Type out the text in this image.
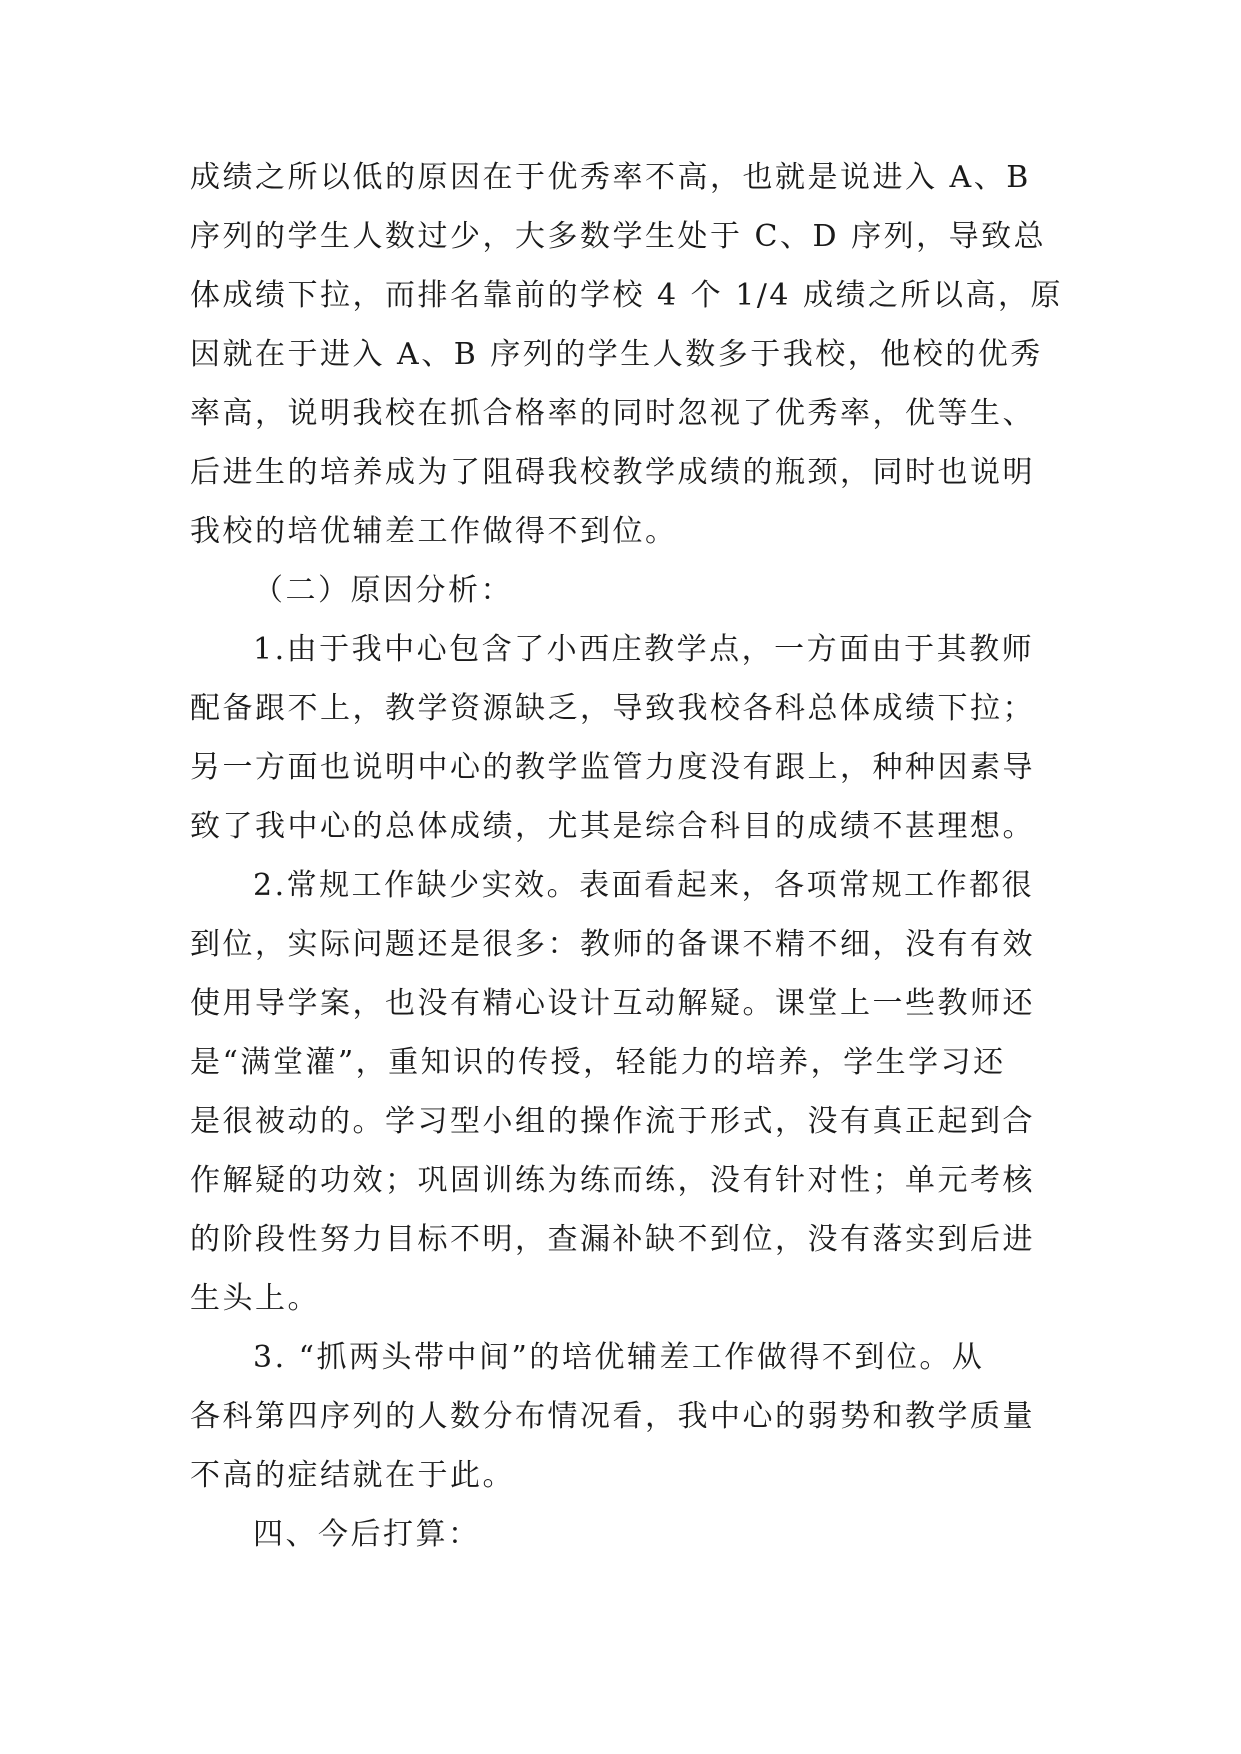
成绩之所以低的原因在于优秀率不高，也就是说进入 A、B
序列的学生人数过少，大多数学生处于 C、D 序列，导致总
体成绩下拉，而排名靠前的学校 4 个 1/4 成绩之所以高，原
因就在于进入 A、B 序列的学生人数多于我校，他校的优秀
率高，说明我校在抓合格率的同时忽视了优秀率，优等生、
后进生的培养成为了阻碍我校教学成绩的瓶颈，同时也说明
我校的培优辅差工作做得不到位。
（二）原因分析：
1.由于我中心包含了小西庄教学点，一方面由于其教师
配备跟不上，教学资源缺乏，导致我校各科总体成绩下拉；
另一方面也说明中心的教学监管力度没有跟上，种种因素导
致了我中心的总体成绩，尤其是综合科目的成绩不甚理想。
2.常规工作缺少实效。表面看起来，各项常规工作都很
到位，实际问题还是很多：教师的备课不精不细，没有有效
使用导学案，也没有精心设计互动解疑。课堂上一些教师还
是“满堂灌”，重知识的传授，轻能力的培养，学生学习还
是很被动的。学习型小组的操作流于形式，没有真正起到合
作解疑的功效；巩固训练为练而练，没有针对性；单元考核
的阶段性努力目标不明，查漏补缺不到位，没有落实到后进
生头上。
3. “抓两头带中间”的培优辅差工作做得不到位。从
各科第四序列的人数分布情况看，我中心的弱势和教学质量
不高的症结就在于此。
四、今后打算：
